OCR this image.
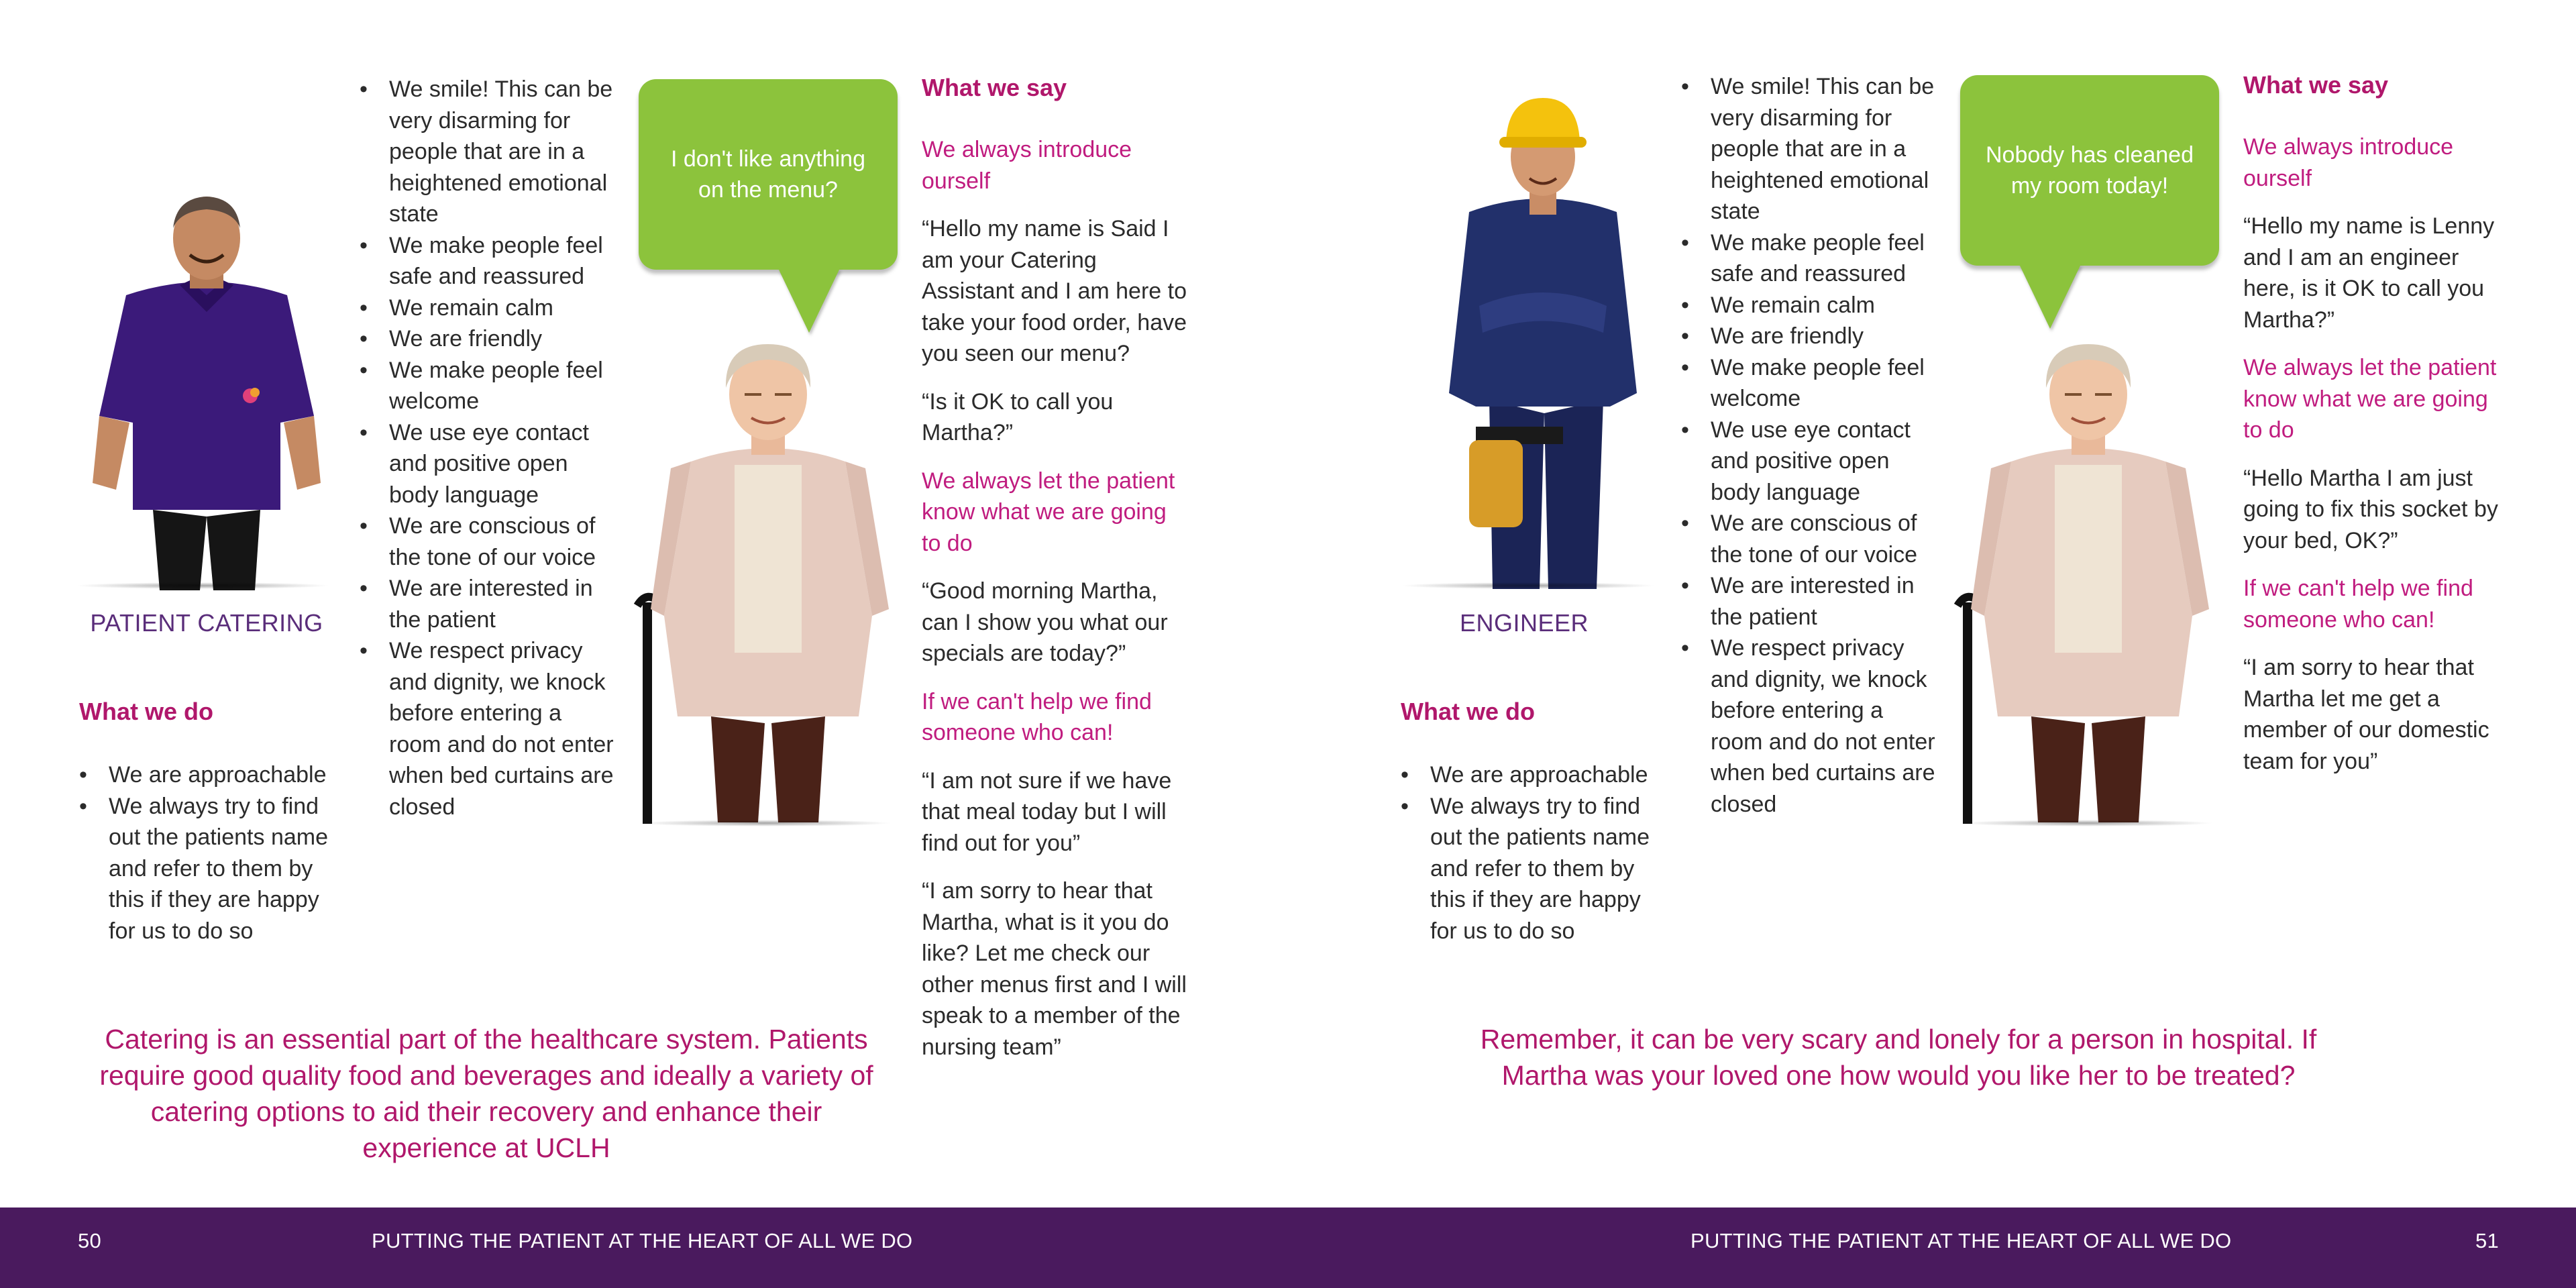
PATIENT CATERING
What we do
• We are approachable
• We always try to find out the patients name and refer to them by this if they are happy for us to do so
• We smile! This can be very disarming for people that are in a heightened emotional state
• We make people feel safe and reassured
• We remain calm
• We are friendly
• We make people feel welcome
• We use eye contact and positive open body language
• We are conscious of the tone of our voice
• We are interested in the patient
• We respect privacy and dignity, we knock before entering a room and do not enter when bed curtains are closed
I don't like anything on the menu?
What we say

We always introduce ourself

“Hello my name is Said I am your Catering Assistant and I am here to take your food order, have you seen our menu?

“Is it OK to call you Martha?”

We always let the patient know what we are going to do

“Good morning Martha, can I show you what our specials are today?”

If we can't help we find someone who can!

“I am not sure if we have that meal today but I will find out for you”

“I am sorry to hear that Martha, what is it you do like? Let me check our other menus first and I will speak to a member of the nursing team”

Catering is an essential part of the healthcare system. Patients require good quality food and beverages and ideally a variety of catering options to aid their recovery and enhance their experience at UCLH
ENGINEER
What we do
• We are approachable
• We always try to find out the patients name and refer to them by this if they are happy for us to do so
• We smile! This can be very disarming for people that are in a heightened emotional state
• We make people feel safe and reassured
• We remain calm
• We are friendly
• We make people feel welcome
• We use eye contact and positive open body language
• We are conscious of the tone of our voice
• We are interested in the patient
• We respect privacy and dignity, we knock before entering a room and do not enter when bed curtains are closed
Nobody has cleaned my room today!
What we say

We always introduce ourself

“Hello my name is Lenny and I am an engineer here, is it OK to call you Martha?”

We always let the patient know what we are going to do

“Hello Martha I am just going to fix this socket by your bed, OK?”

If we can't help we find someone who can!

“I am sorry to hear that Martha let me get a member of our domestic team for you”

Remember, it can be very scary and lonely for a person in hospital. If Martha was your loved one how would you like her to be treated?
50	PUTTING THE PATIENT AT THE HEART OF ALL WE DO	PUTTING THE PATIENT AT THE HEART OF ALL WE DO	51
